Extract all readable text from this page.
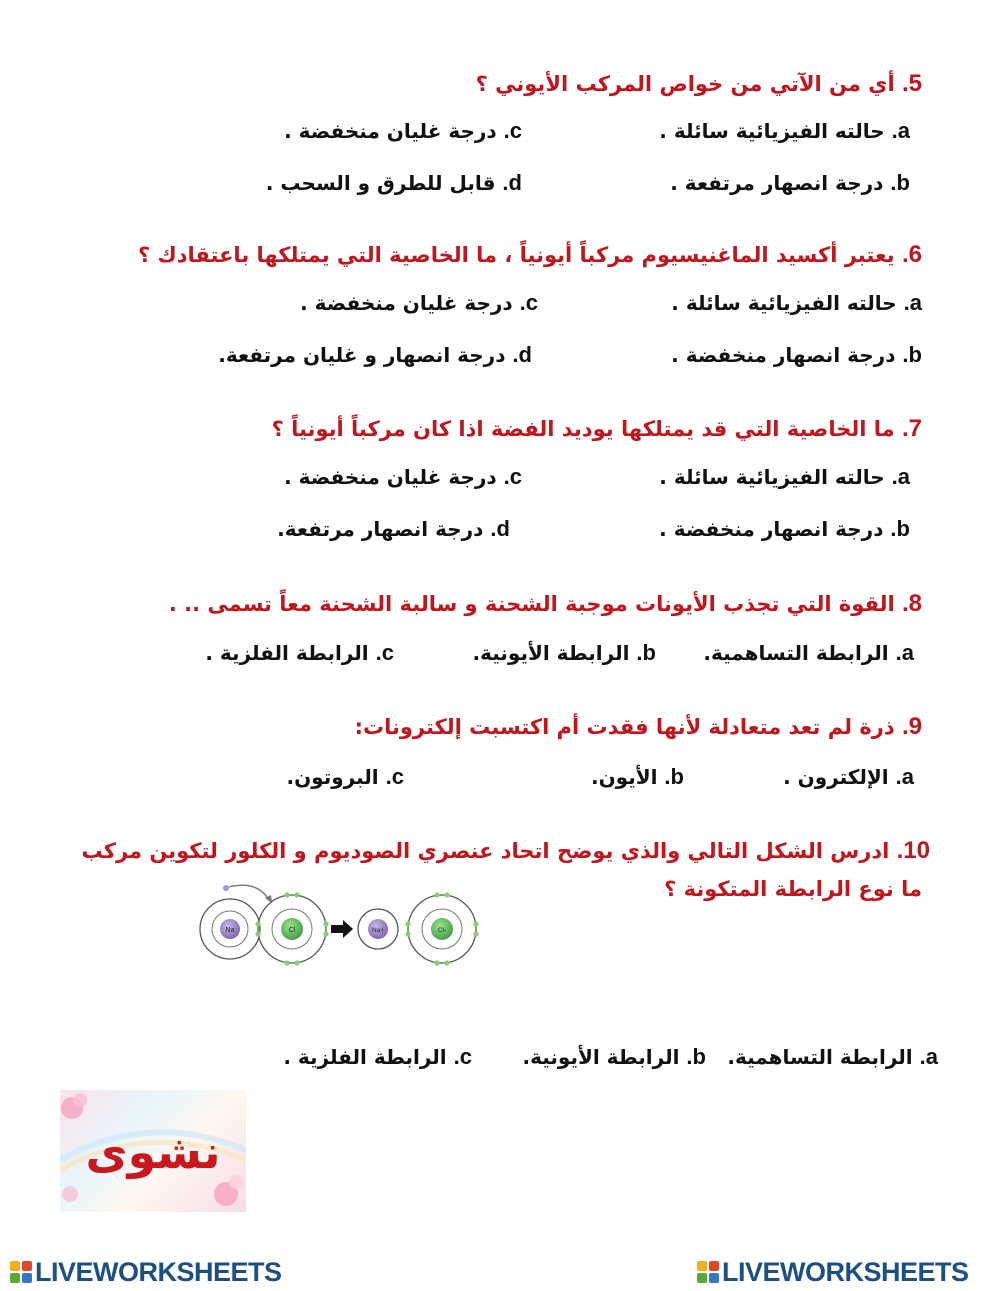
5. أي من الآتي من خواص المركب الأيوني ؟
a. حالته الفيزيائية سائلة .
c. درجة غليان منخفضة .
b. درجة انصهار مرتفعة .
d. قابل للطرق و السحب .
6. يعتبر أكسيد الماغنيسيوم مركباً أيونياً ، ما الخاصية التي يمتلكها باعتقادك ؟
a. حالته الفيزيائية سائلة .
c. درجة غليان منخفضة .
b. درجة انصهار منخفضة .
d. درجة انصهار و غليان مرتفعة.
7. ما الخاصية التي قد يمتلكها يوديد الفضة اذا كان مركباً أيونياً ؟
a. حالته الفيزيائية سائلة .
c. درجة غليان منخفضة .
b. درجة انصهار منخفضة .
d. درجة انصهار مرتفعة.
8. القوة التي تجذب الأيونات موجبة الشحنة و سالبة الشحنة معاً تسمى .. .
a. الرابطة التساهمية.
b. الرابطة الأيونية.
c. الرابطة الفلزية .
9. ذرة لم تعد متعادلة لأنها فقدت أم اكتسبت إلكترونات:
a. الإلكترون .
b. الأيون.
c. البروتون.
10. ادرس الشكل التالي والذي يوضح اتحاد عنصري الصوديوم و الكلور لتكوين مركب
ما نوع الرابطة المتكونة ؟
Na	Cl	Na+	Cl-
a. الرابطة التساهمية.
b. الرابطة الأيونية.
c. الرابطة الفلزية .
نشوى
LIVEWORKSHEETS	LIVEWORKSHEETS
